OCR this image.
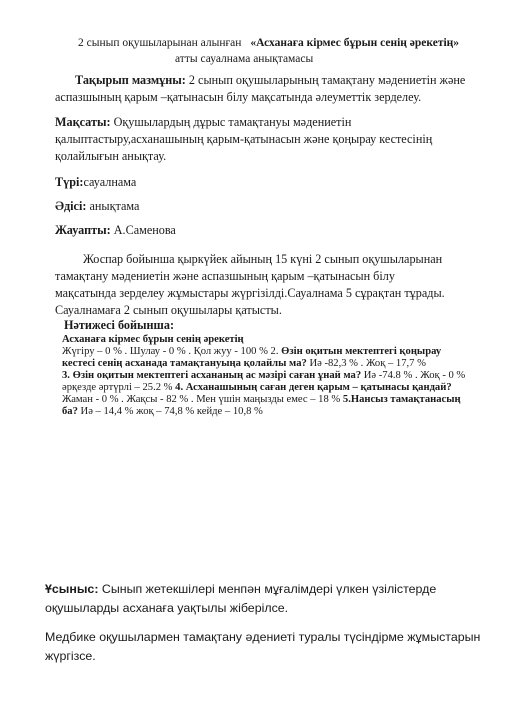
2 сынып оқушыларынан алынған «Асханаға кірмес бұрын сенің әрекетің»
атты сауалнама анықтамасы
Тақырып мазмұны: 2 сынып оқушыларының тамақтану мәдениетін және
аспазшының қарым –қатынасын білу мақсатында әлеуметтік зерделеу.
Мақсаты: Оқушылардың дұрыс тамақтануы мәдениетін
қалыптастыру,асханашының қарым-қатынасын және қоңырау кестесінің
қолайлығын анықтау.
Түрі:сауалнама
Әдісі: анықтама
Жауапты: А.Саменова
Жоспар бойынша қыркүйек айының 15 күні 2 сынып оқушыларынан
тамақтану мәдениетін және аспазшының қарым –қатынасын білу
мақсатында зерделеу жұмыстары жүргізілді.Сауалнама 5 сұрақтан тұрады.
Сауалнамаға 2 сынып оқушылары қатысты.
Нәтижесі бойынша:
Асханаға кірмес бұрын сенің әрекетің
Жүгіру – 0 % . Шулау - 0 % . Қол жуу - 100 % 2. Өзін оқитын мектептегі қоңырау
кестесі сенің асханада тамақтануыңа қолайлы ма? Иә -82,3 % . Жоқ – 17,7 %
3. Өзін оқитын мектептегі асхананың ас мәзірі саған ұнай ма? Иә -74.8 % . Жоқ - 0 %
әрқезде әртүрлі – 25.2 % 4. Асханашының саған деген қарым – қатынасы қандай?
Жаман - 0 % . Жақсы - 82 % . Мен үшін маңызды емес – 18 % 5.Нансыз тамақтанасың
ба? Иә – 14,4 % жоқ – 74,8 % кейде – 10,8 %
Ұсыныс: Сынып жетекшілері менпән мұғалімдері үлкен үзілістерде
оқушыларды асханаға уақтылы жіберілсе.
Медбике оқушылармен тамақтану әдениеті туралы түсіндірме жұмыстарын
жүргізсе.
